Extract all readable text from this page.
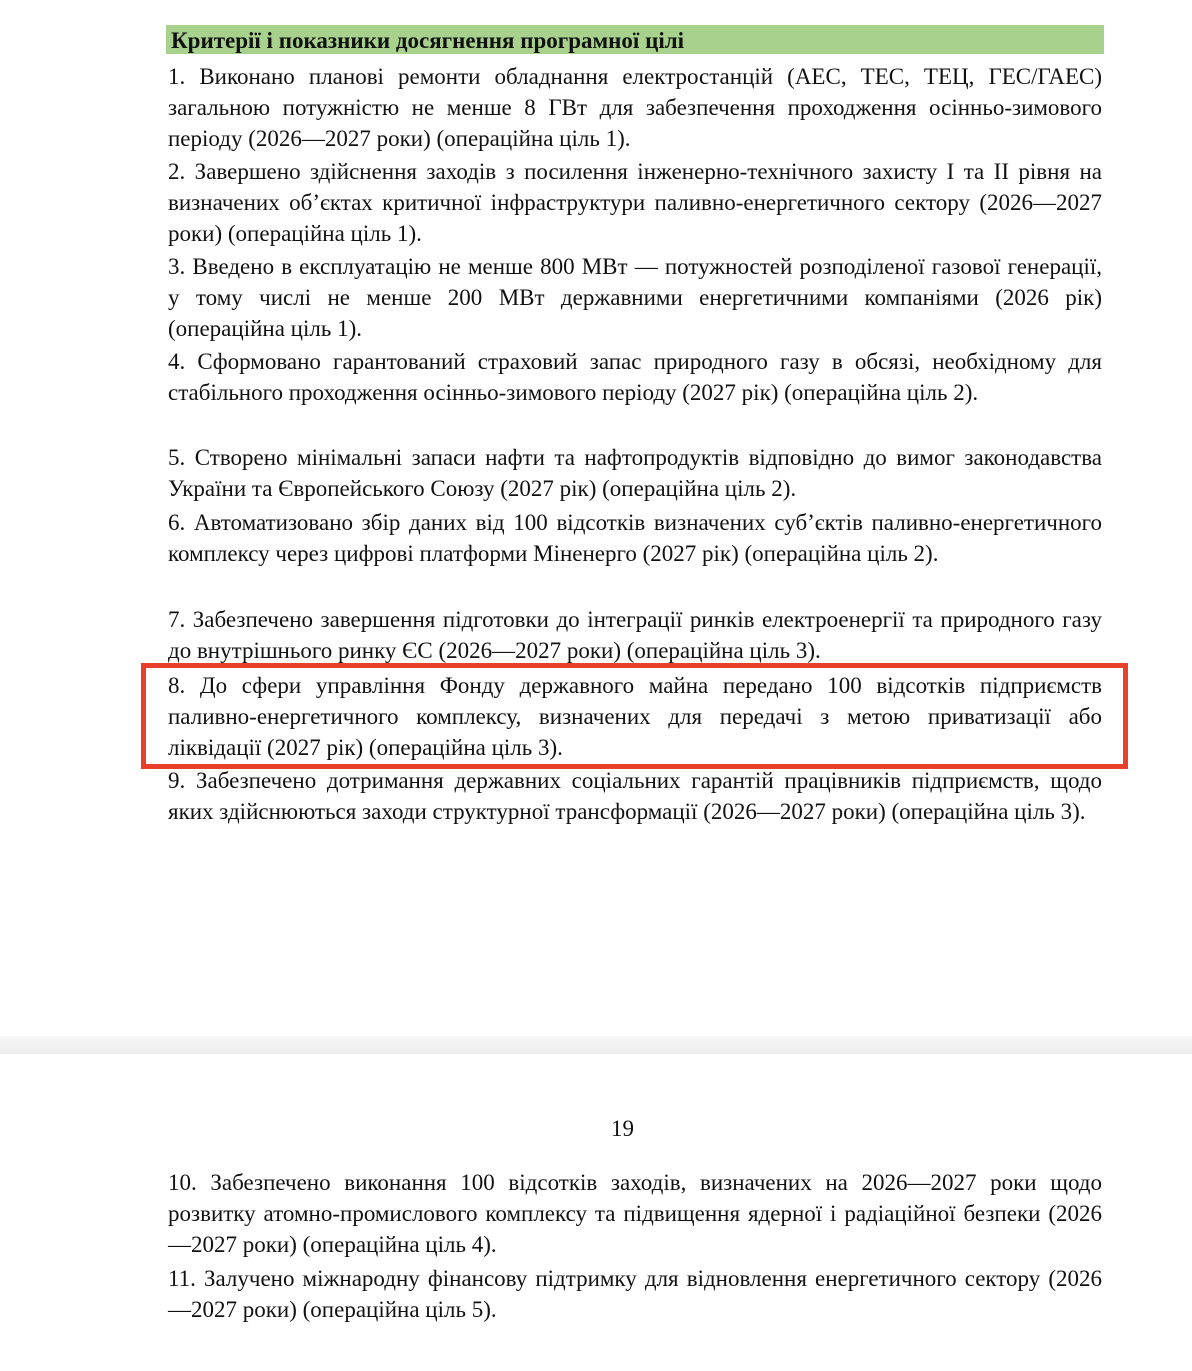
Критерії і показники досягнення програмної цілі

1. Виконано планові ремонти обладнання електростанцій (АЕС, ТЕС, ТЕЦ, ГЕС/ГАЕС) загальною потужністю не менше 8 ГВт для забезпечення проходження осінньо-зимового періоду (2026—2027 роки) (операційна ціль 1).

2. Завершено здійснення заходів з посилення інженерно-технічного захисту I та II рівня на визначених об’єктах критичної інфраструктури паливно-енергетичного сектору (2026—2027 роки) (операційна ціль 1).

3. Введено в експлуатацію не менше 800 МВт — потужностей розподіленої газової генерації, у тому числі не менше 200 МВт державними енергетичними компаніями (2026 рік) (операційна ціль 1).

4. Сформовано гарантований страховий запас природного газу в обсязі, необхідному для стабільного проходження осінньо-зимового періоду (2027 рік) (операційна ціль 2).

5. Створено мінімальні запаси нафти та нафтопродуктів відповідно до вимог законодавства України та Європейського Союзу (2027 рік) (операційна ціль 2).

6. Автоматизовано збір даних від 100 відсотків визначених суб’єктів паливно-енергетичного комплексу через цифрові платформи Міненерго (2027 рік) (операційна ціль 2).

7. Забезпечено завершення підготовки до інтеграції ринків електроенергії та природного газу до внутрішнього ринку ЄС (2026—2027 роки) (операційна ціль 3).

8. До сфери управління Фонду державного майна передано 100 відсотків підприємств паливно-енергетичного комплексу, визначених для передачі з метою приватизації або ліквідації (2027 рік) (операційна ціль 3).

9. Забезпечено дотримання державних соціальних гарантій працівників підприємств, щодо яких здійснюються заходи структурної трансформації (2026—2027 роки) (операційна ціль 3).

19

10. Забезпечено виконання 100 відсотків заходів, визначених на 2026—2027 роки щодо розвитку атомно-промислового комплексу та підвищення ядерної і радіаційної безпеки (2026—2027 роки) (операційна ціль 4).

11. Залучено міжнародну фінансову підтримку для відновлення енергетичного сектору (2026—2027 роки) (операційна ціль 5).
